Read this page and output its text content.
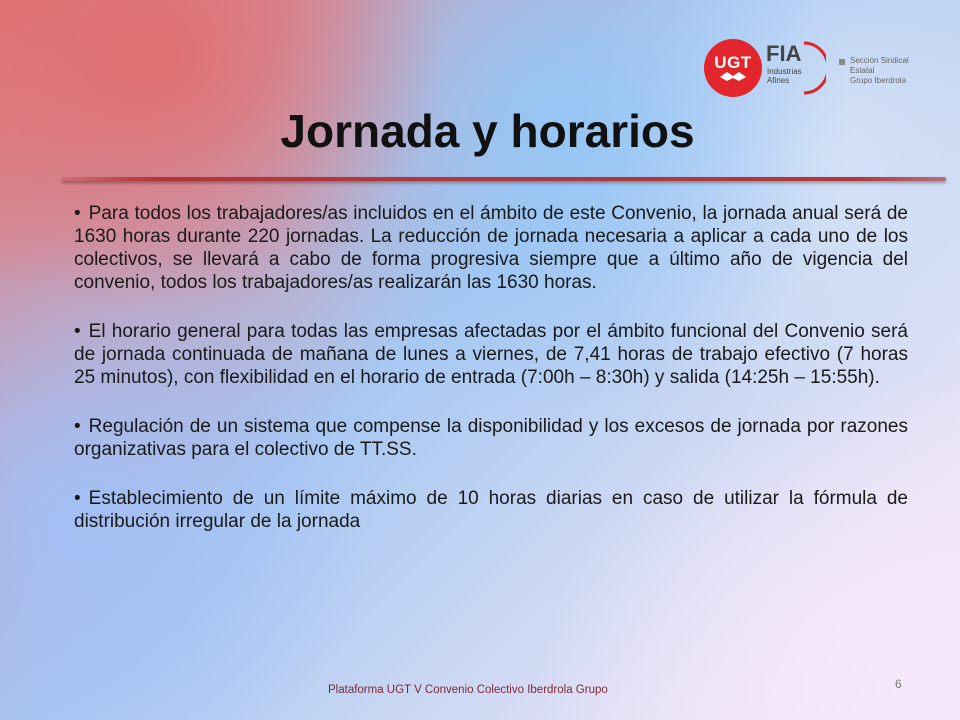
UGT FIA
Industrias
Afines
Sección Sindical Estatal
Grupo Iberdrola
Jornada y horarios

• Para todos los trabajadores/as incluidos en el ámbito de este Convenio, la jornada anual será de 1630 horas durante 220 jornadas. La reducción de jornada necesaria a aplicar a cada uno de los colectivos, se llevará a cabo de forma progresiva siempre que a último año de vigencia del convenio, todos los trabajadores/as realizarán las 1630 horas.

• El horario general para todas las empresas afectadas por el ámbito funcional del Convenio será de jornada continuada de mañana de lunes a viernes, de 7,41 horas de trabajo efectivo (7 horas 25 minutos), con flexibilidad en el horario de entrada (7:00h – 8:30h) y salida (14:25h – 15:55h).

• Regulación de un sistema que compense la disponibilidad y los excesos de jornada por razones organizativas para el colectivo de TT.SS.

• Establecimiento de un límite máximo de 10 horas diarias en caso de utilizar la fórmula de distribución irregular de la jornada

Plataforma UGT V Convenio Colectivo Iberdrola Grupo	6
